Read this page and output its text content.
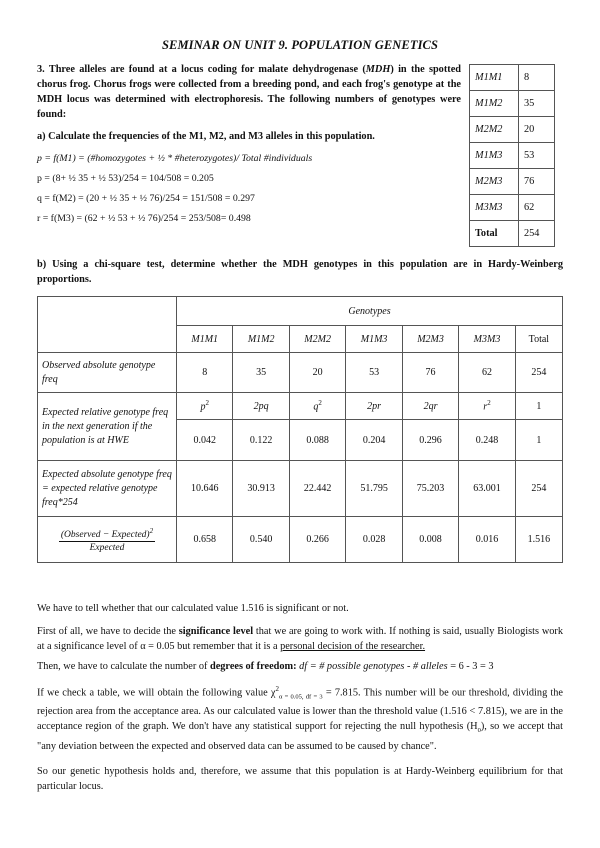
SEMINAR ON UNIT 9. POPULATION GENETICS
3. Three alleles are found at a locus coding for malate dehydrogenase (MDH) in the spotted chorus frog. Chorus frogs were collected from a breeding pond, and each frog's genotype at the MDH locus was determined with electrophoresis. The following numbers of genotypes were found:
a) Calculate the frequencies of the M1, M2, and M3 alleles in this population.
p = f(M1) = (#homozygotes + ½ * #heterozygotes)/ Total #individuals
p = (8+ ½ 35 + ½ 53)/254 = 104/508 = 0.205
q = f(M2) = (20 + ½ 35 + ½ 76)/254 = 151/508 = 0.297
r = f(M3) = (62 + ½ 53 + ½ 76)/254 = 253/508= 0.498
M1M1	8
M1M2	35
M2M2	20
M1M3	53
M2M3	76
M3M3	62
Total	254
b) Using a chi-square test, determine whether the MDH genotypes in this population are in Hardy-Weinberg proportions.
	Genotypes						
	M1M1	M1M2	M2M2	M1M3	M2M3	M3M3	Total
Observed absolute genotype freq	8	35	20	53	76	62	254
Expected relative genotype freq in the next generation if the population is at HWE	$p^2$	2pq	$q^2$	2pr	2qr	$r^2$	1
	0.042	0.122	0.088	0.204	0.296	0.248	1
Expected absolute genotype freq = expected relative genotype freq*254	10.646	30.913	22.442	51.795	75.203	63.001	254

$\frac{(Observed - Expected)^2}{\text{Expected}}$	0.658	0.540	0.266	0.028	0.008	0.016	1.516
We have to tell whether that our calculated value 1.516 is significant or not.
First of all, we have to decide the significance level that we are going to work with. If nothing is said, usually Biologists work at a significance level of α = 0.05 but remember that it is a personal decision of the researcher.
Then, we have to calculate the number of degrees of freedom: df = # possible genotypes - # alleles = 6 - 3 = 3
If we check a table, we will obtain the following value $\chi^2_{\alpha = 0.05, df = 3} = 7.815$. This number will be our threshold, dividing the rejection area from the acceptance area. As our calculated value is lower than the threshold value (1.516 < 7.815), we are in the acceptance region of the graph. We don't have any statistical support for rejecting the null hypothesis $(H_0)$, so we accept that "any deviation between the expected and observed data can be assumed to be caused by chance".
So our genetic hypothesis holds and, therefore, we assume that this population is at Hardy-Weinberg equilibrium for that particular locus.
